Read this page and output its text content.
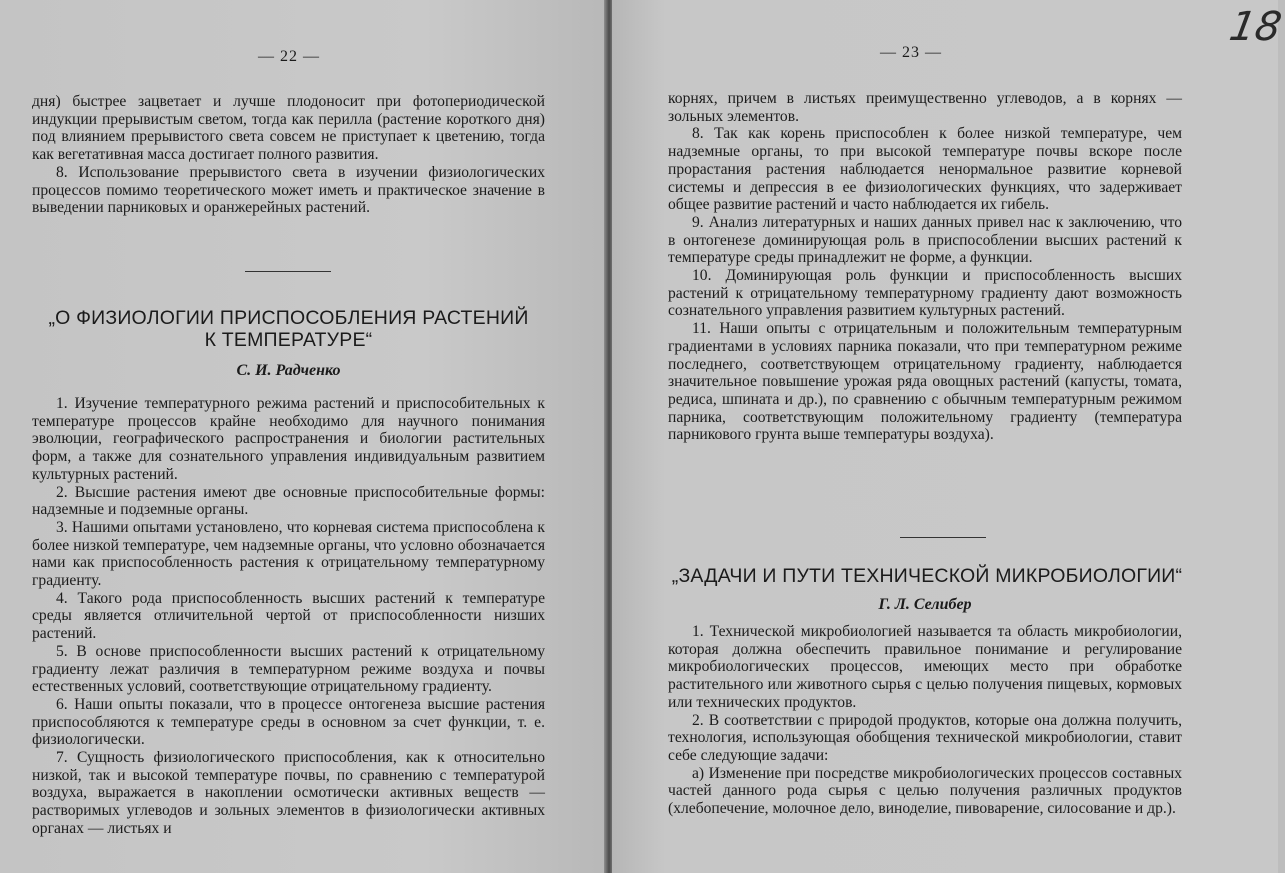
— 22 —

дня) быстрее зацветает и лучше плодоносит при фотопериодической индукции прерывистым светом, тогда как перилла (растение короткого дня) под влиянием прерывистого света совсем не приступает к цветению, тогда как вегетативная масса достигает полного развития.

8. Использование прерывистого света в изучении физиологических процессов помимо теоретического может иметь и практическое значение в выведении парниковых и оранжерейных растений.

„О ФИЗИОЛОГИИ ПРИСПОСОБЛЕНИЯ РАСТЕНИЙ
К ТЕМПЕРАТУРЕ“
С. И. Радченко

1. Изучение температурного режима растений и приспособительных к температуре процессов крайне необходимо для научного понимания эволюции, географического распространения и биологии растительных форм, а также для сознательного управления индивидуальным развитием культурных растений.

2. Высшие растения имеют две основные приспособительные формы: надземные и подземные органы.

3. Нашими опытами установлено, что корневая система приспособлена к более низкой температуре, чем надземные органы, что условно обозначается нами как приспособленность растения к отрицательному температурному градиенту.

4. Такого рода приспособленность высших растений к температуре среды является отличительной чертой от приспособленности низших растений.

5. В основе приспособленности высших растений к отрицательному градиенту лежат различия в температурном режиме воздуха и почвы естественных условий, соответствующие отрицательному градиенту.

6. Наши опыты показали, что в процессе онтогенеза высшие растения приспособляются к температуре среды в основном за счет функции, т. е. физиологически.

7. Сущность физиологического приспособления, как к относительно низкой, так и высокой температуре почвы, по сравнению с температурой воздуха, выражается в накоплении осмотически активных веществ — растворимых углеводов и зольных элементов в физиологически активных органах — листьях и

— 23 —
18

корнях, причем в листьях преимущественно углеводов, а в корнях — зольных элементов.

8. Так как корень приспособлен к более низкой температуре, чем надземные органы, то при высокой температуре почвы вскоре после прорастания растения наблюдается ненормальное развитие корневой системы и депрессия в ее физиологических функциях, что задерживает общее развитие растений и часто наблюдается их гибель.

9. Анализ литературных и наших данных привел нас к заключению, что в онтогенезе доминирующая роль в приспособлении высших растений к температуре среды принадлежит не форме, а функции.

10. Доминирующая роль функции и приспособленность высших растений к отрицательному температурному градиенту дают возможность сознательного управления развитием культурных растений.

11. Наши опыты с отрицательным и положительным температурным градиентами в условиях парника показали, что при температурном режиме последнего, соответствующем отрицательному градиенту, наблюдается значительное повышение урожая ряда овощных растений (капусты, томата, редиса, шпината и др.), по сравнению с обычным температурным режимом парника, соответствующим положительному градиенту (температура парникового грунта выше температуры воздуха).

„ЗАДАЧИ И ПУТИ ТЕХНИЧЕСКОЙ МИКРОБИОЛОГИИ“
Г. Л. Селибер

1. Технической микробиологией называется та область микробиологии, которая должна обеспечить правильное понимание и регулирование микробиологических процессов, имеющих место при обработке растительного или животного сырья с целью получения пищевых, кормовых или технических продуктов.

2. В соответствии с природой продуктов, которые она должна получить, технология, использующая обобщения технической микробиологии, ставит себе следующие задачи:

а) Изменение при посредстве микробиологических процессов составных частей данного рода сырья с целью получения различных продуктов (хлебопечение, молочное дело, виноделие, пивоварение, силосование и др.).
